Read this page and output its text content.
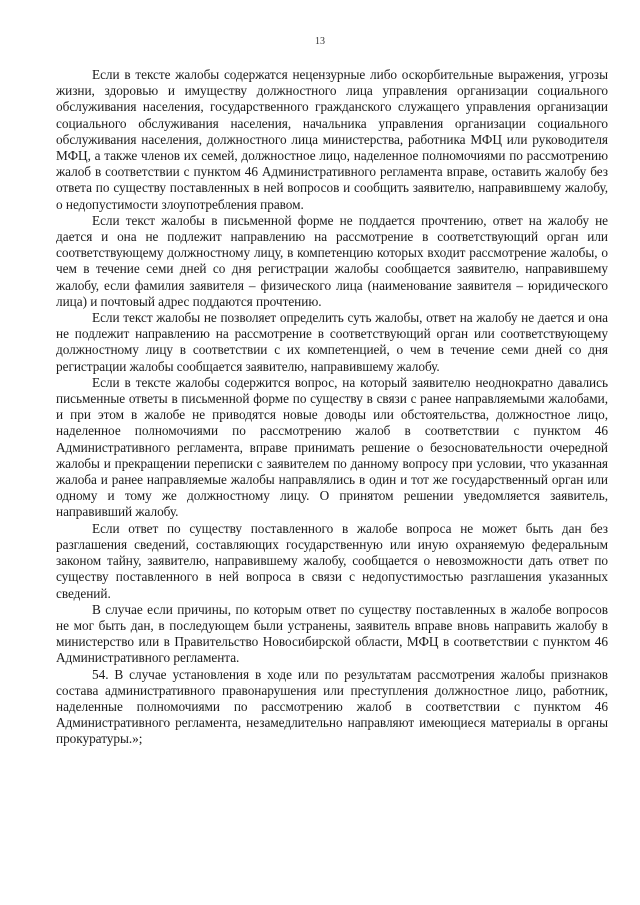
13

Если в тексте жалобы содержатся нецензурные либо оскорбительные выражения, угрозы жизни, здоровью и имуществу должностного лица управления организации социального обслуживания населения, государственного гражданского служащего управления организации социального обслуживания населения, начальника управления организации социального обслуживания населения, должностного лица министерства, работника МФЦ или руководителя МФЦ, а также членов их семей, должностное лицо, наделенное полномочиями по рассмотрению жалоб в соответствии с пунктом 46 Административного регламента вправе, оставить жалобу без ответа по существу поставленных в ней вопросов и сообщить заявителю, направившему жалобу, о недопустимости злоупотребления правом.

Если текст жалобы в письменной форме не поддается прочтению, ответ на жалобу не дается и она не подлежит направлению на рассмотрение в соответствующий орган или соответствующему должностному лицу, в компетенцию которых входит рассмотрение жалобы, о чем в течение семи дней со дня регистрации жалобы сообщается заявителю, направившему жалобу, если фамилия заявителя – физического лица (наименование заявителя – юридического лица) и почтовый адрес поддаются прочтению.

Если текст жалобы не позволяет определить суть жалобы, ответ на жалобу не дается и она не подлежит направлению на рассмотрение в соответствующий орган или соответствующему должностному лицу в соответствии с их компетенцией, о чем в течение семи дней со дня регистрации жалобы сообщается заявителю, направившему жалобу.

Если в тексте жалобы содержится вопрос, на который заявителю неоднократно давались письменные ответы в письменной форме по существу в связи с ранее направляемыми жалобами, и при этом в жалобе не приводятся новые доводы или обстоятельства, должностное лицо, наделенное полномочиями по рассмотрению жалоб в соответствии с пунктом 46 Административного регламента, вправе принимать решение о безосновательности очередной жалобы и прекращении переписки с заявителем по данному вопросу при условии, что указанная жалоба и ранее направляемые жалобы направлялись в один и тот же государственный орган или одному и тому же должностному лицу. О принятом решении уведомляется заявитель, направивший жалобу.

Если ответ по существу поставленного в жалобе вопроса не может быть дан без разглашения сведений, составляющих государственную или иную охраняемую федеральным законом тайну, заявителю, направившему жалобу, сообщается о невозможности дать ответ по существу поставленного в ней вопроса в связи с недопустимостью разглашения указанных сведений.

В случае если причины, по которым ответ по существу поставленных в жалобе вопросов не мог быть дан, в последующем были устранены, заявитель вправе вновь направить жалобу в министерство или в Правительство Новосибирской области, МФЦ в соответствии с пунктом 46 Административного регламента.

54. В случае установления в ходе или по результатам рассмотрения жалобы признаков состава административного правонарушения или преступления должностное лицо, работник, наделенные полномочиями по рассмотрению жалоб в соответствии с пунктом 46 Административного регламента, незамедлительно направляют имеющиеся материалы в органы прокуратуры.»;
